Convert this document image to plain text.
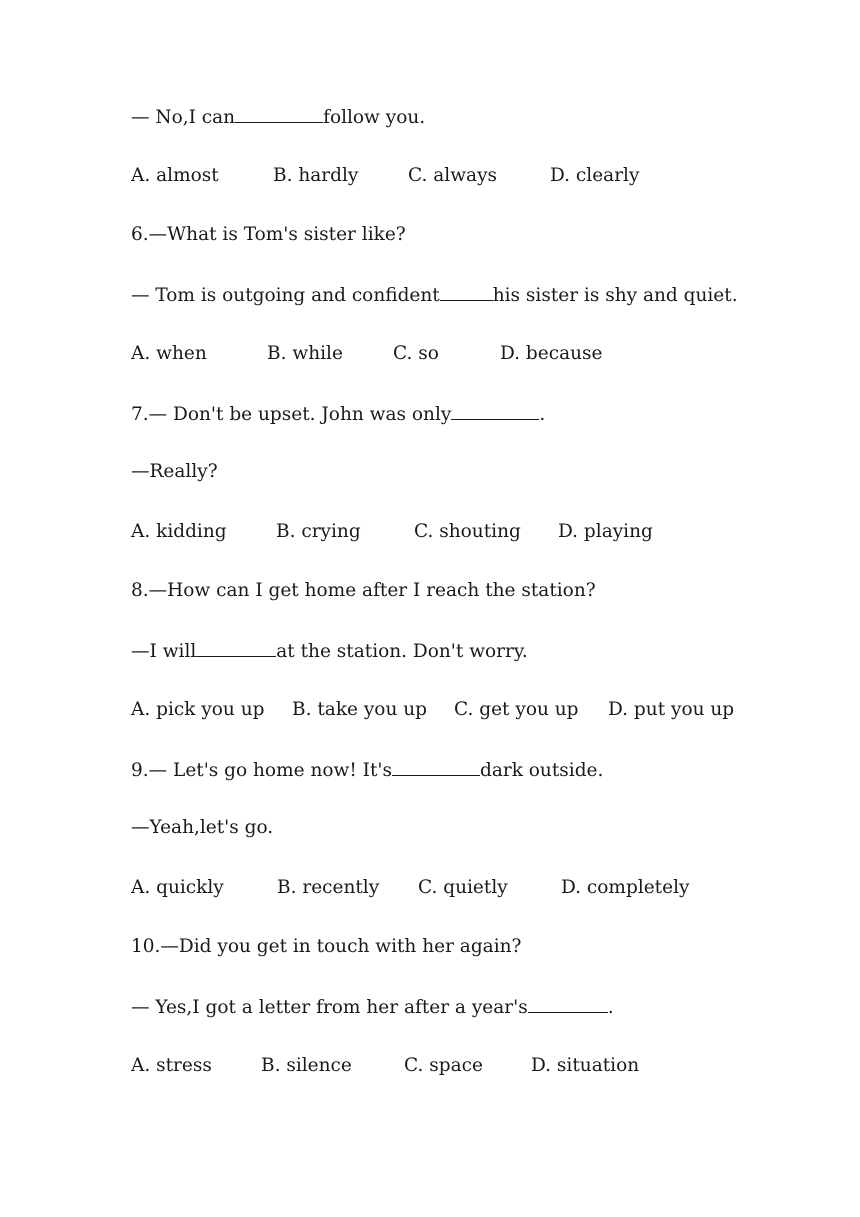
— No,I can	follow you.
A. almost	B. hardly	C. always	D. clearly
6.—What is Tom's sister like?
— Tom is outgoing and confident	his sister is shy and quiet.
A. when	B. while	C. so	D. because
7.— Don't be upset. John was only	.
—Really?
A. kidding	B. crying	C. shouting D. playing
8.—How can I get home after I reach the station?
—I will	at the station. Don't worry.
A. pick you up B. take you up C. get you up D. put you up
9.— Let's go home now! It's	dark outside.
—Yeah,let's go.
A. quickly	B. recently C. quietly	D. completely
10.—Did you get in touch with her again?
— Yes,I got a letter from her after a year's	.
A. stress	B. silence	C. space	D. situation
